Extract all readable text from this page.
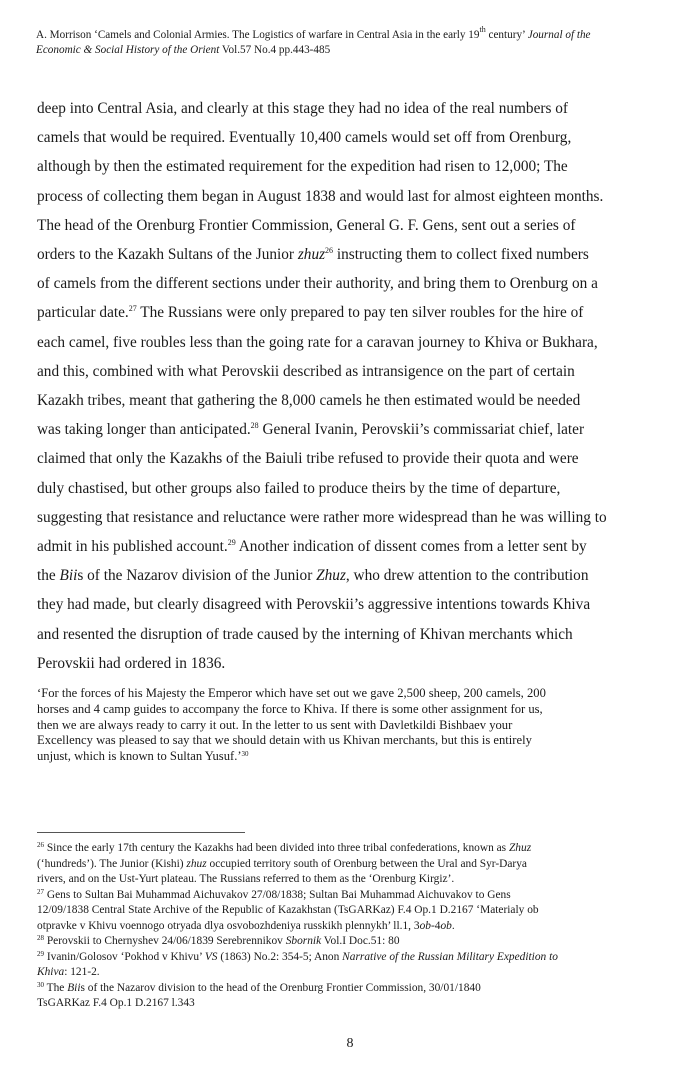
A. Morrison ‘Camels and Colonial Armies. The Logistics of warfare in Central Asia in the early 19th century’ Journal of the
Economic & Social History of the Orient Vol.57 No.4 pp.443-485

deep into Central Asia, and clearly at this stage they had no idea of the real numbers of

camels that would be required. Eventually 10,400 camels would set off from Orenburg,

although by then the estimated requirement for the expedition had risen to 12,000; The

process of collecting them began in August 1838 and would last for almost eighteen months.

The head of the Orenburg Frontier Commission, General G. F. Gens, sent out a series of

orders to the Kazakh Sultans of the Junior zhuz$^{26}$ instructing them to collect fixed numbers

of camels from the different sections under their authority, and bring them to Orenburg on a

particular date.$^{27}$ The Russians were only prepared to pay ten silver roubles for the hire of

each camel, five roubles less than the going rate for a caravan journey to Khiva or Bukhara,

and this, combined with what Perovskii described as intransigence on the part of certain

Kazakh tribes, meant that gathering the 8,000 camels he then estimated would be needed

was taking longer than anticipated.$^{28}$ General Ivanin, Perovskii’s commissariat chief, later

claimed that only the Kazakhs of the Baiuli tribe refused to provide their quota and were

duly chastised, but other groups also failed to produce theirs by the time of departure,

suggesting that resistance and reluctance were rather more widespread than he was willing to

admit in his published account.$^{29}$ Another indication of dissent comes from a letter sent by

the Biis of the Nazarov division of the Junior Zhuz, who drew attention to the contribution

they had made, but clearly disagreed with Perovskii’s aggressive intentions towards Khiva

and resented the disruption of trade caused by the interning of Khivan merchants which

Perovskii had ordered in 1836.

‘For the forces of his Majesty the Emperor which have set out we gave 2,500 sheep, 200 camels, 200

horses and 4 camp guides to accompany the force to Khiva. If there is some other assignment for us,

then we are always ready to carry it out. In the letter to us sent with Davletkildi Bishbaev your

Excellency was pleased to say that we should detain with us Khivan merchants, but this is entirely

unjust, which is known to Sultan Yusuf.’$^{30}$

$^{26}$ Since the early 17th century the Kazakhs had been divided into three tribal confederations, known as Zhuz

(‘hundreds’). The Junior (Kishi) zhuz occupied territory south of Orenburg between the Ural and Syr-Darya

rivers, and on the Ust-Yurt plateau. The Russians referred to them as the ‘Orenburg Kirgiz’.

$^{27}$ Gens to Sultan Bai Muhammad Aichuvakov 27/08/1838; Sultan Bai Muhammad Aichuvakov to Gens

12/09/1838 Central State Archive of the Republic of Kazakhstan (TsGARKaz) F.4 Op.1 D.2167 ‘Materialy ob

otpravke v Khivu voennogo otryada dlya osvobozhdeniya russkikh plennykh’ ll.1, 3ob-4ob.

$^{28}$ Perovskii to Chernyshev 24/06/1839 Serebrennikov Sbornik Vol.I Doc.51: 80

$^{29}$ Ivanin/Golosov ‘Pokhod v Khivu’ VS (1863) No.2: 354-5; Anon Narrative of the Russian Military Expedition to

Khiva: 121-2.

$^{30}$ The Biis of the Nazarov division to the head of the Orenburg Frontier Commission, 30/01/1840

TsGARKaz F.4 Op.1 D.2167 l.343

8
